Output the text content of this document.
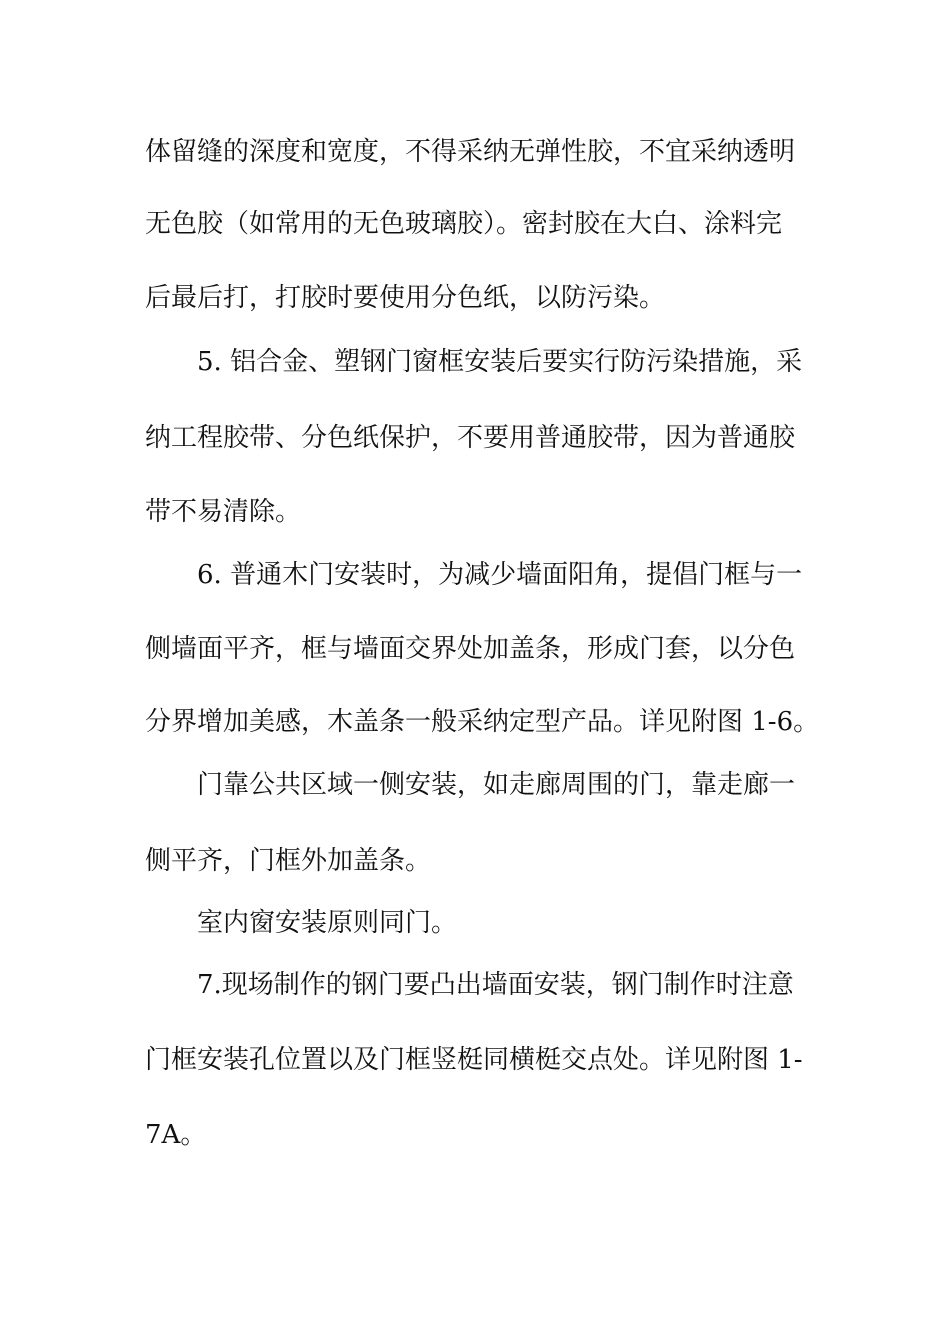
体留缝的深度和宽度，不得采纳无弹性胶，不宜采纳透明
无色胶（如常用的无色玻璃胶）。密封胶在大白、涂料完
后最后打，打胶时要使用分色纸，以防污染。
5. 铝合金、塑钢门窗框安装后要实行防污染措施，采
纳工程胶带、分色纸保护，不要用普通胶带，因为普通胶
带不易清除。
6. 普通木门安装时，为减少墙面阳角，提倡门框与一
侧墙面平齐，框与墙面交界处加盖条，形成门套，以分色
分界增加美感，木盖条一般采纳定型产品。详见附图 1-6。
门靠公共区域一侧安装，如走廊周围的门，靠走廊一
侧平齐，门框外加盖条。
室内窗安装原则同门。
7.现场制作的钢门要凸出墙面安装，钢门制作时注意
门框安装孔位置以及门框竖梃同横梃交点处。详见附图 1-
7A。
